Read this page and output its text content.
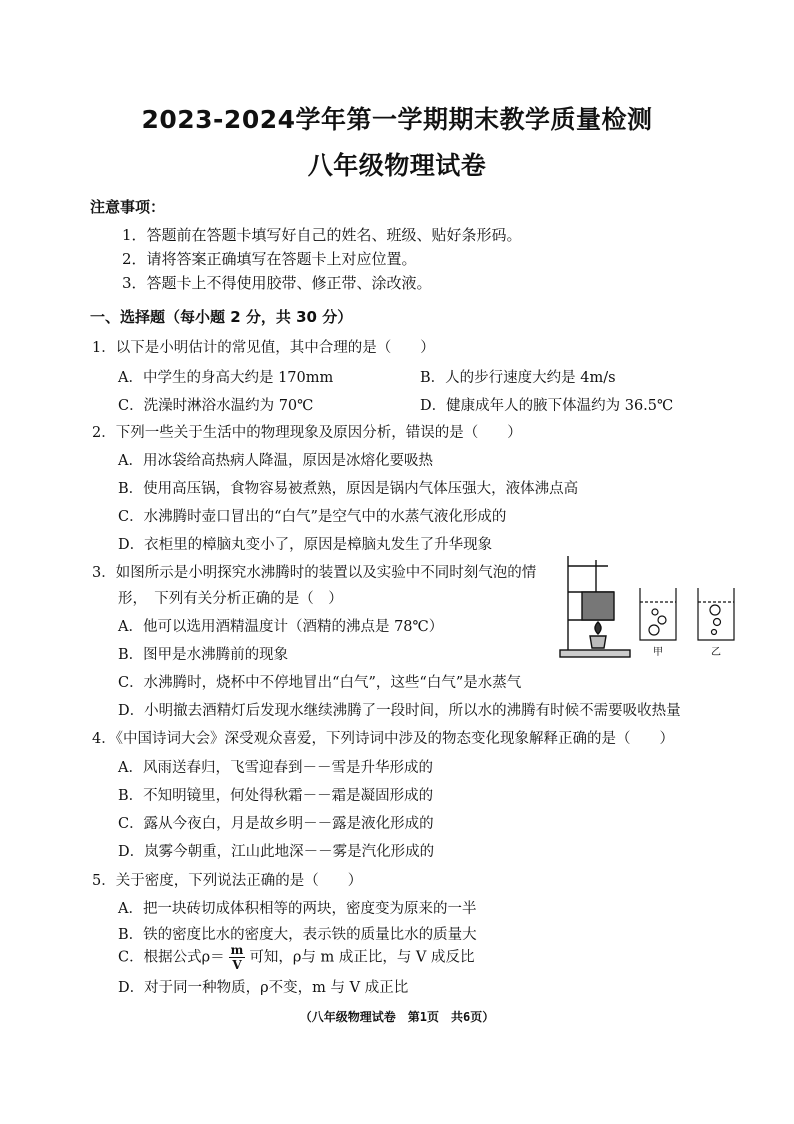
2023-2024学年第一学期期末教学质量检测
八年级物理试卷
注意事项：
1．答题前在答题卡填写好自己的姓名、班级、贴好条形码。
2．请将答案正确填写在答题卡上对应位置。
3．答题卡上不得使用胶带、修正带、涂改液。
一、选择题（每小题 2 分，共 30 分）
1．以下是小明估计的常见值，其中合理的是（　　）
A．中学生的身高大约是 170mm	B．人的步行速度大约是 4m/s
C．洗澡时淋浴水温约为 70℃	D．健康成年人的腋下体温约为 36.5℃
2．下列一些关于生活中的物理现象及原因分析，错误的是（　　）
A．用冰袋给高热病人降温，原因是冰熔化要吸热
B．使用高压锅，食物容易被煮熟，原因是锅内气体压强大，液体沸点高
C．水沸腾时壶口冒出的“白气”是空气中的水蒸气液化形成的
D．衣柜里的樟脑丸变小了，原因是樟脑丸发生了升华现象
3．如图所示是小明探究水沸腾时的装置以及实验中不同时刻气泡的情
形，　下列有关分析正确的是（　）
A．他可以选用酒精温度计（酒精的沸点是 78℃）
B．图甲是水沸腾前的现象
C．水沸腾时，烧杯中不停地冒出“白气”，这些“白气”是水蒸气
D．小明撤去酒精灯后发现水继续沸腾了一段时间，所以水的沸腾有时候不需要吸收热量
甲	乙
4．《中国诗词大会》深受观众喜爱，下列诗词中涉及的物态变化现象解释正确的是（　　）
A．风雨送春归，飞雪迎春到－－雪是升华形成的
B．不知明镜里，何处得秋霜－－霜是凝固形成的
C．露从今夜白，月是故乡明－－露是液化形成的
D．岚雾今朝重，江山此地深－－雾是汽化形成的
5．关于密度，下列说法正确的是（　　）
A．把一块砖切成体积相等的两块，密度变为原来的一半
B．铁的密度比水的密度大，表示铁的质量比水的质量大
C．根据公式$\rho= \frac{m}{V}$ 可知，ρ与 m 成正比，与 V 成反比
D．对于同一种物质，ρ不变，m 与 V 成正比
（八年级物理试卷　第1页　共6页）
